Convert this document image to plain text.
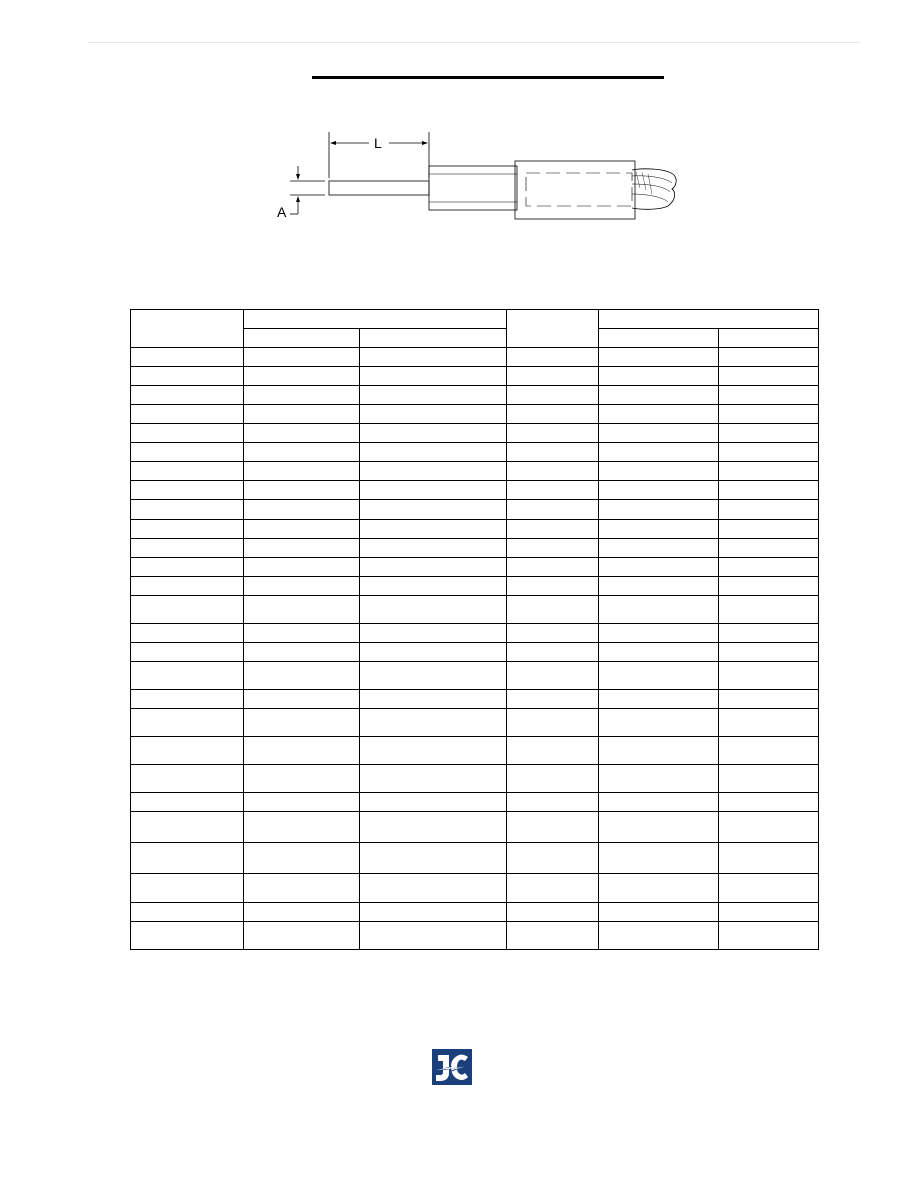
L
A
